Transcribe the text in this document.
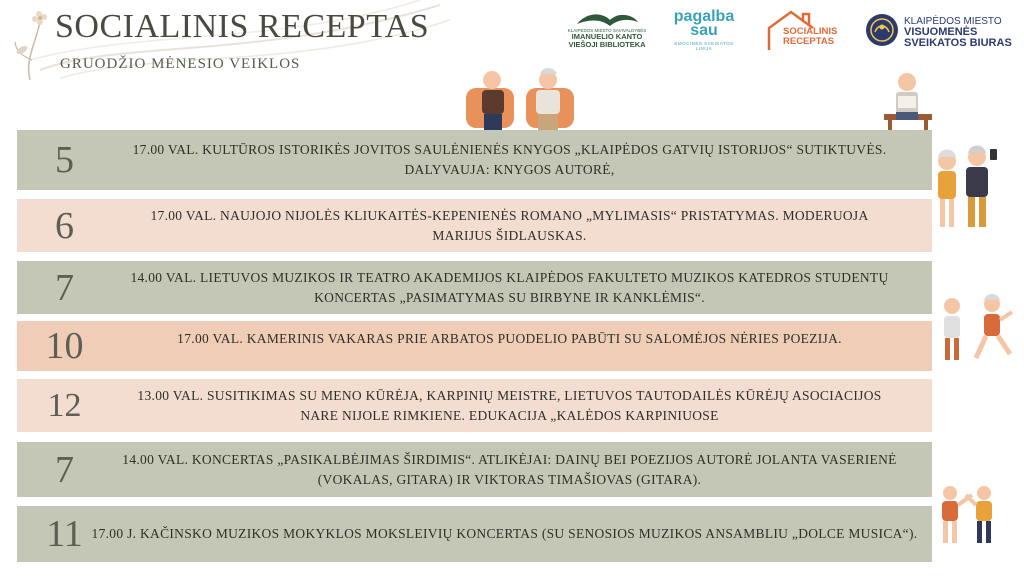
SOCIALINIS RECEPTAS
GRUODŽIO MĖNESIO VEIKLOS
KLAIPĖDOS MIESTO SAVIVALDYBĖS
IMANUELIO KANTO
VIEŠOJI BIBLIOTEKA
pagalba
sau
EMOCINĖS SVEIKATOS LINIJA
SOCIALINIS
RECEPTAS
KLAIPĖDOS MIESTO
VISUOMENĖS
SVEIKATOS BIURAS
5	17.00 VAL. KULTŪROS ISTORIKĖS JOVITOS SAULĖNIENĖS KNYGOS „KLAIPĖDOS GATVIŲ ISTORIJOS“ SUTIKTUVĖS.
DALYVAUJA: KNYGOS AUTORĖ,
6	17.00 VAL. NAUJOJO NIJOLĖS KLIUKAITĖS-KEPENIENĖS ROMANO „MYLIMASIS“ PRISTATYMAS. MODERUOJA
MARIJUS ŠIDLAUSKAS.
7	14.00 VAL. LIETUVOS MUZIKOS IR TEATRO AKADEMIJOS KLAIPĖDOS FAKULTETO MUZIKOS KATEDROS STUDENTŲ
KONCERTAS „PASIMATYMAS SU BIRBYNE IR KANKLĖMIS“.
10	17.00 VAL. KAMERINIS VAKARAS PRIE ARBATOS PUODELIO PABŪTI SU SALOMĖJOS NĖRIES POEZIJA.
12	13.00 VAL. SUSITIKIMAS SU MENO KŪRĖJA, KARPINIŲ MEISTRE, LIETUVOS TAUTODAILĖS KŪRĖJŲ ASOCIACIJOS
NARE NIJOLE RIMKIENE. EDUKACIJA „KALĖDOS KARPINIUOSE
7	14.00 VAL. KONCERTAS „PASIKALBĖJIMAS ŠIRDIMIS“. ATLIKĖJAI: DAINŲ BEI POEZIJOS AUTORĖ JOLANTA VASERIENĖ
(VOKALAS, GITARA) IR VIKTORAS TIMAŠIOVAS (GITARA).
11 17.00 J. KAČINSKO MUZIKOS MOKYKLOS MOKSLEIVIŲ KONCERTAS (SU SENOSIOS MUZIKOS ANSAMBLIU „DOLCE MUSICA“).
